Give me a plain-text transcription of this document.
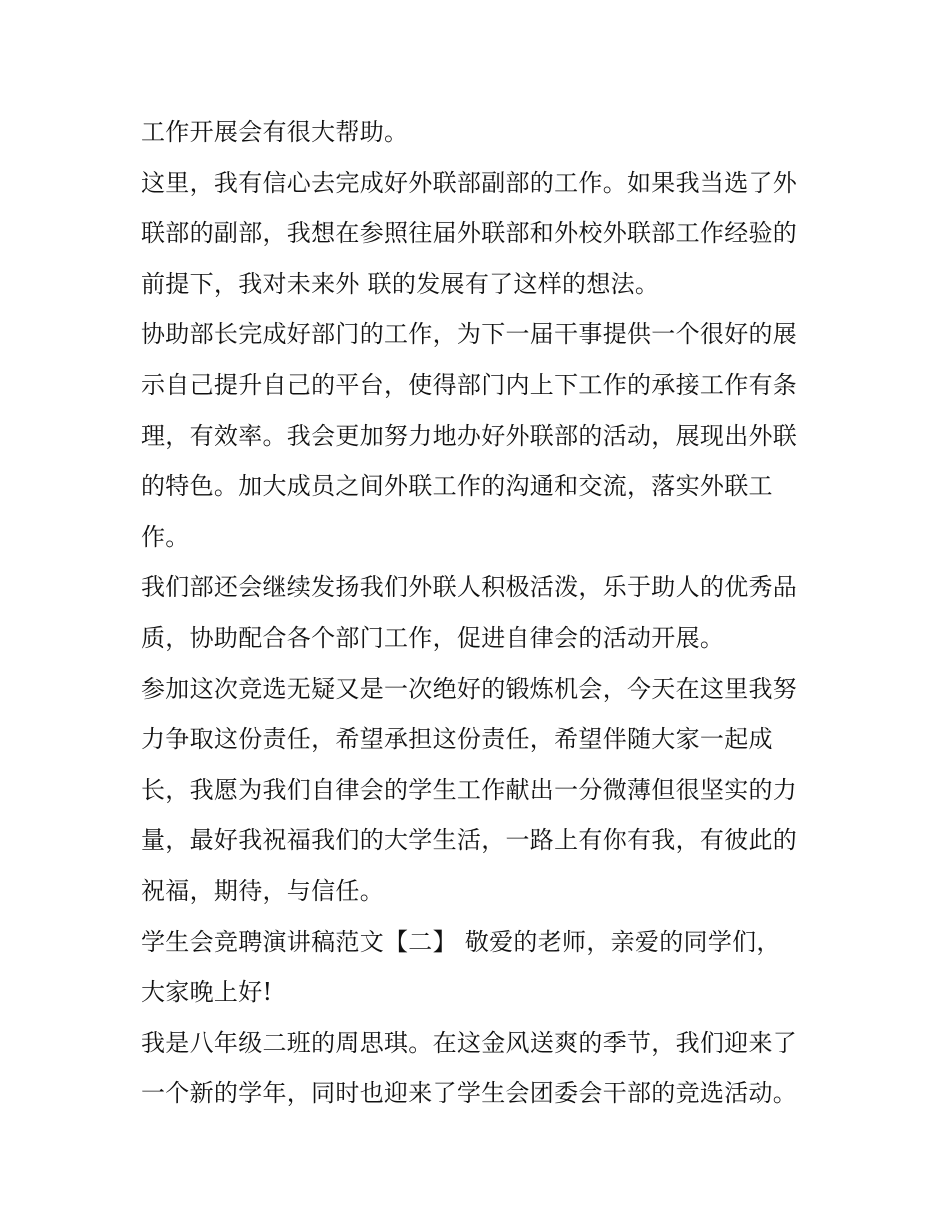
工作开展会有很大帮助。
这里，我有信心去完成好外联部副部的工作。如果我当选了外
联部的副部，我想在参照往届外联部和外校外联部工作经验的
前提下，我对未来外 联的发展有了这样的想法。
协助部长完成好部门的工作，为下一届干事提供一个很好的展
示自己提升自己的平台，使得部门内上下工作的承接工作有条
理，有效率。我会更加努力地办好外联部的活动，展现出外联
的特色。加大成员之间外联工作的沟通和交流，落实外联工
作。
我们部还会继续发扬我们外联人积极活泼，乐于助人的优秀品
质，协助配合各个部门工作，促进自律会的活动开展。
参加这次竞选无疑又是一次绝好的锻炼机会，今天在这里我努
力争取这份责任，希望承担这份责任，希望伴随大家一起成
长，我愿为我们自律会的学生工作献出一分微薄但很坚实的力
量，最好我祝福我们的大学生活，一路上有你有我，有彼此的
祝福，期待，与信任。
学生会竞聘演讲稿范文【二】 敬爱的老师，亲爱的同学们，
大家晚上好!
我是八年级二班的周思琪。在这金风送爽的季节，我们迎来了
一个新的学年，同时也迎来了学生会团委会干部的竞选活动。
